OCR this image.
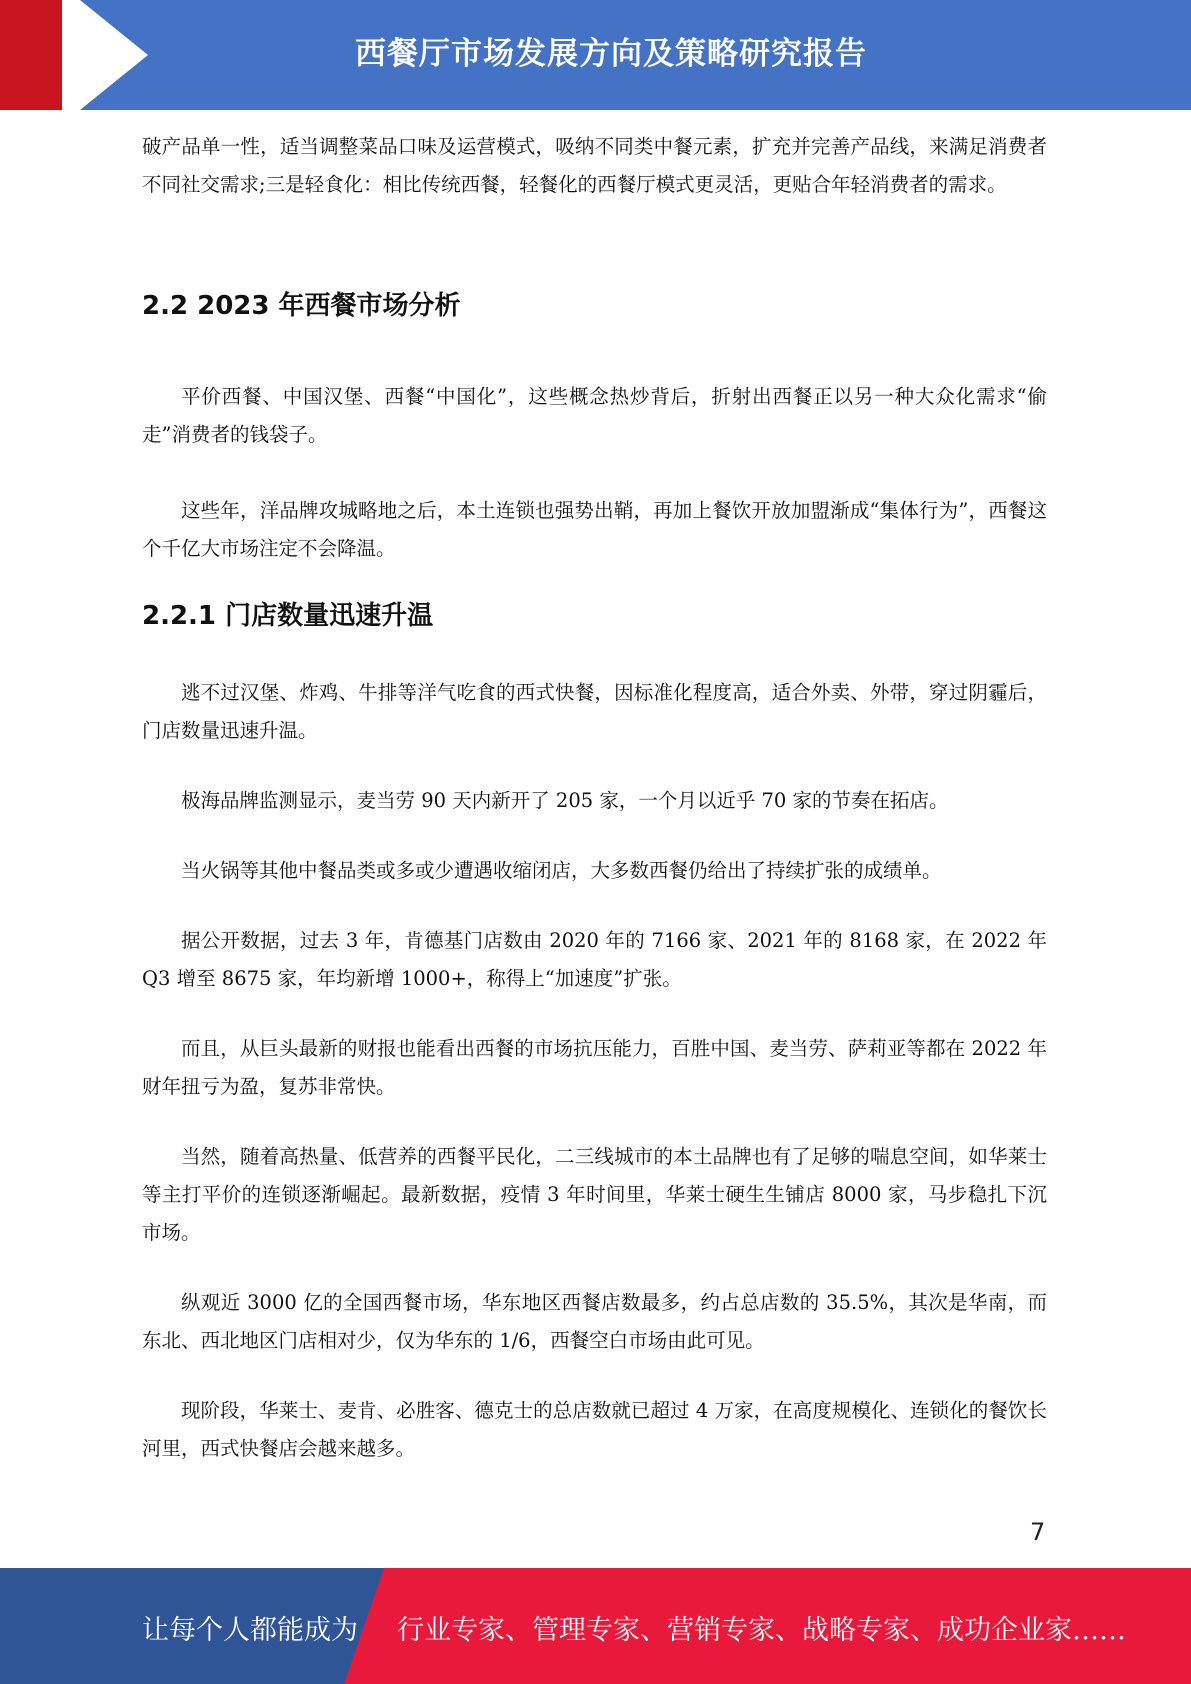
西餐厅市场发展方向及策略研究报告

破产品单一性，适当调整菜品口味及运营模式，吸纳不同类中餐元素，扩充并完善产品线，来满足消费者不同社交需求;三是轻食化：相比传统西餐，轻餐化的西餐厅模式更灵活，更贴合年轻消费者的需求。

2.2 2023 年西餐市场分析

平价西餐、中国汉堡、西餐“中国化”，这些概念热炒背后，折射出西餐正以另一种大众化需求“偷走”消费者的钱袋子。

这些年，洋品牌攻城略地之后，本土连锁也强势出鞘，再加上餐饮开放加盟渐成“集体行为”，西餐这个千亿大市场注定不会降温。

2.2.1 门店数量迅速升温

逃不过汉堡、炸鸡、牛排等洋气吃食的西式快餐，因标准化程度高，适合外卖、外带，穿过阴霾后，门店数量迅速升温。

极海品牌监测显示，麦当劳 90 天内新开了 205 家，一个月以近乎 70 家的节奏在拓店。

当火锅等其他中餐品类或多或少遭遇收缩闭店，大多数西餐仍给出了持续扩张的成绩单。

据公开数据，过去 3 年，肯德基门店数由 2020 年的 7166 家、2021 年的 8168 家，在 2022 年 Q3 增至 8675 家，年均新增 1000+，称得上“加速度”扩张。

而且，从巨头最新的财报也能看出西餐的市场抗压能力，百胜中国、麦当劳、萨莉亚等都在 2022 年财年扭亏为盈，复苏非常快。

当然，随着高热量、低营养的西餐平民化，二三线城市的本土品牌也有了足够的喘息空间，如华莱士等主打平价的连锁逐渐崛起。最新数据，疫情 3 年时间里，华莱士硬生生铺店 8000 家，马步稳扎下沉市场。

纵观近 3000 亿的全国西餐市场，华东地区西餐店数最多，约占总店数的 35.5%，其次是华南，而东北、西北地区门店相对少，仅为华东的 1/6，西餐空白市场由此可见。

现阶段，华莱士、麦肯、必胜客、德克士的总店数就已超过 4 万家，在高度规模化、连锁化的餐饮长河里，西式快餐店会越来越多。

7
让每个人都能成为 行业专家、管理专家、营销专家、战略专家、成功企业家……
